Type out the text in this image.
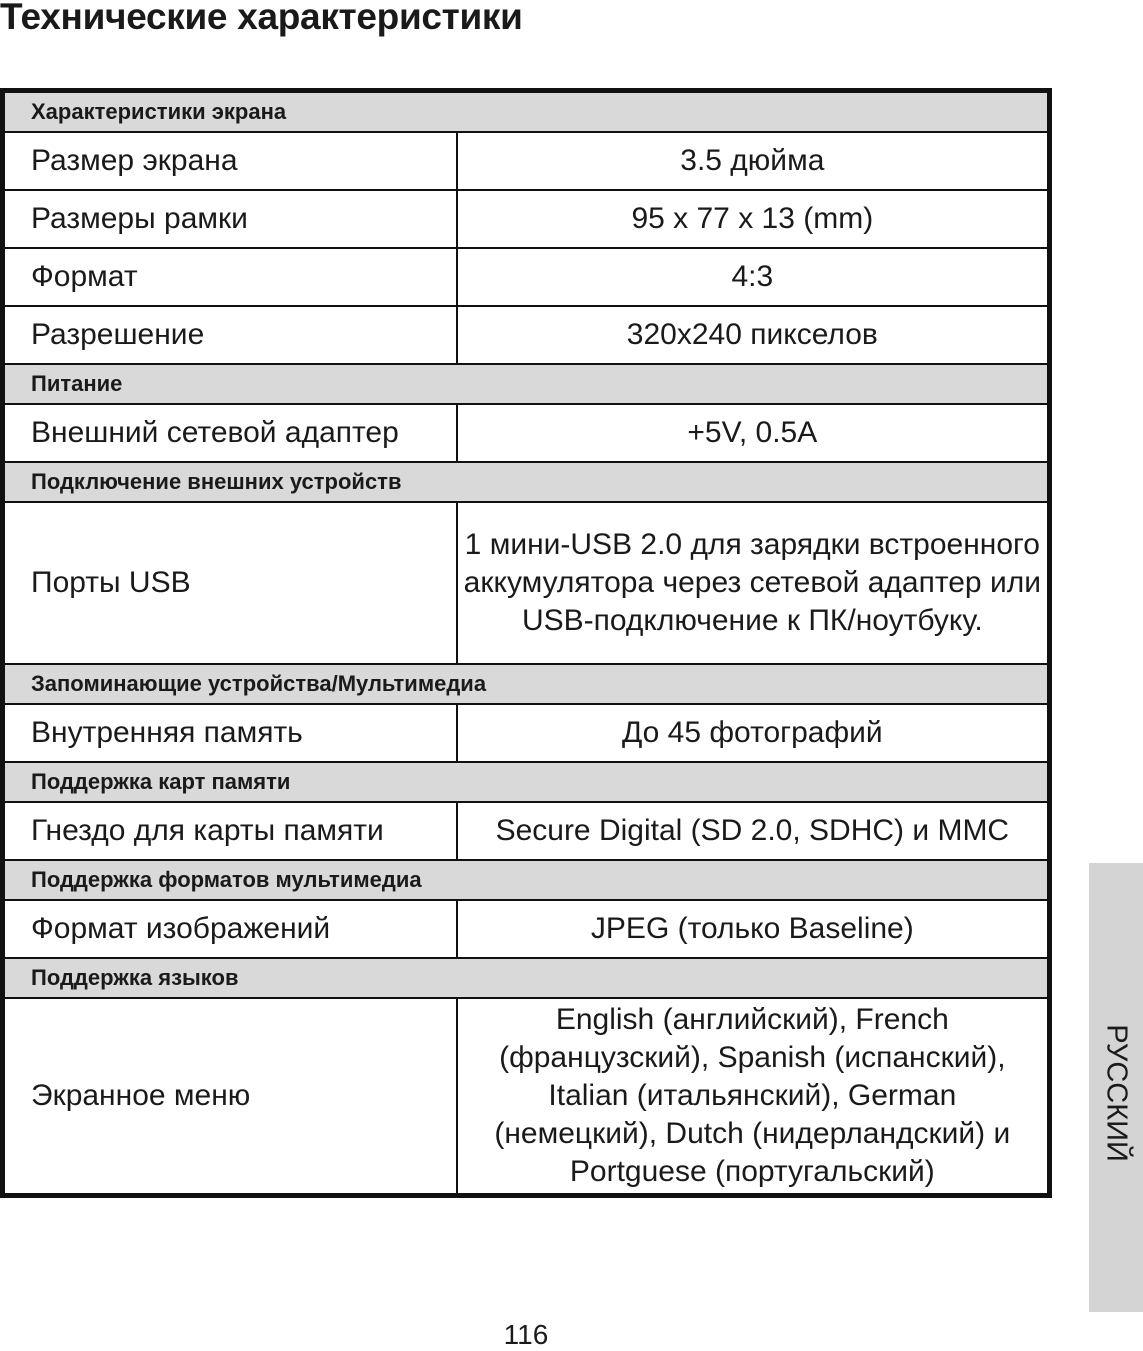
Технические характеристики
Характеристики экрана	
Размер экрана	3.5 дюйма
Размеры рамки	95 x 77 x 13 (mm)
Формат	4:3
Разрешение	320x240 пикселов
Питание	
Внешний сетевой адаптер	+5V, 0.5A
Подключение внешних устройств	
Порты USB	1 мини-USB 2.0 для зарядки встроенного аккумулятора через сетевой адаптер или USB-подключение к ПК/ноутбуку.
Запоминающие устройства/Мультимедиа	
Внутренняя память	До 45 фотографий
Поддержка карт памяти	
Гнездо для карты памяти	Secure Digital (SD 2.0, SDHC) и MMC
Поддержка форматов мультимедиа	
Формат изображений	JPEG (только Baseline)
Поддержка языков	
Экранное меню	English (английский), French (французский), Spanish (испанский), Italian (итальянский), German (немецкий), Dutch (нидерландский) и Portguese (португальский)
РУССКИЙ
116
